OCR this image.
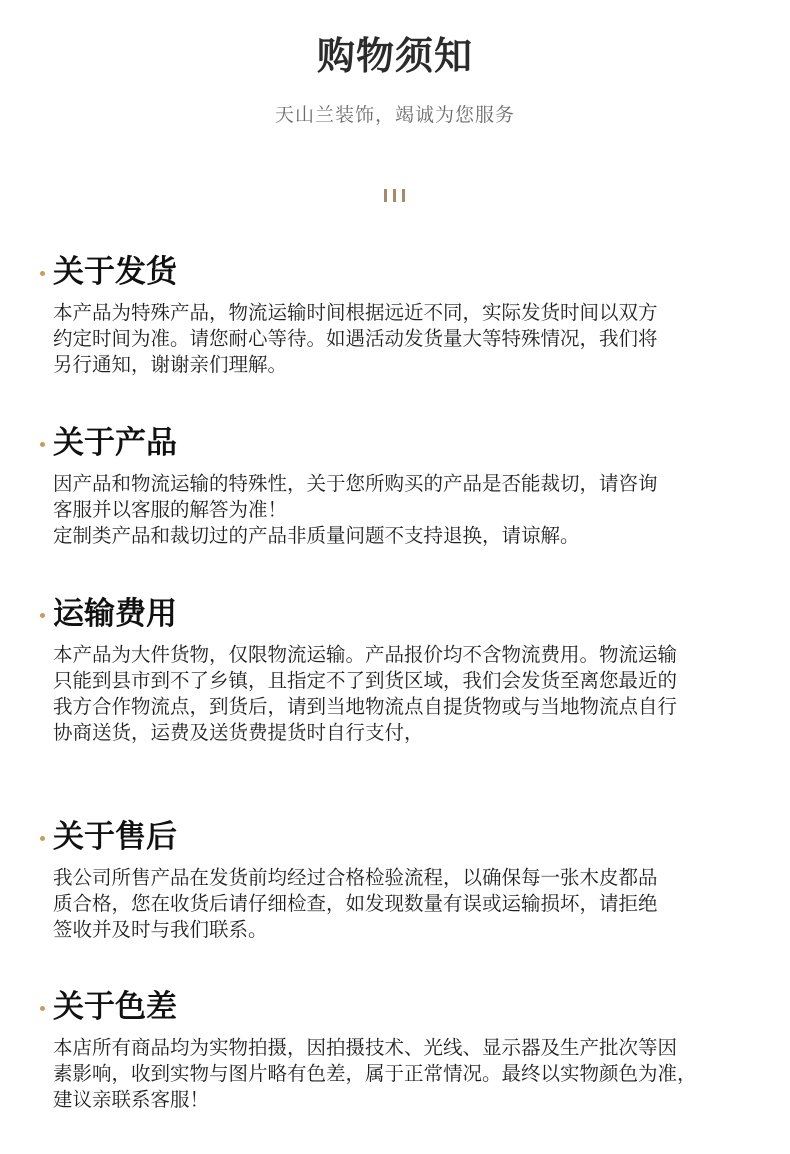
购物须知
天山兰装饰，竭诚为您服务
关于发货
本产品为特殊产品，物流运输时间根据远近不同，实际发货时间以双方
约定时间为准。请您耐心等待。如遇活动发货量大等特殊情况，我们将
另行通知，谢谢亲们理解。
关于产品
因产品和物流运输的特殊性，关于您所购买的产品是否能裁切，请咨询
客服并以客服的解答为准！
定制类产品和裁切过的产品非质量问题不支持退换，请谅解。
运输费用
本产品为大件货物，仅限物流运输。产品报价均不含物流费用。物流运输
只能到县市到不了乡镇，且指定不了到货区域，我们会发货至离您最近的
我方合作物流点，到货后，请到当地物流点自提货物或与当地物流点自行
协商送货，运费及送货费提货时自行支付，
关于售后
我公司所售产品在发货前均经过合格检验流程，以确保每一张木皮都品
质合格，您在收货后请仔细检查，如发现数量有误或运输损坏，请拒绝
签收并及时与我们联系。
关于色差
本店所有商品均为实物拍摄，因拍摄技术、光线、显示器及生产批次等因
素影响，收到实物与图片略有色差，属于正常情况。最终以实物颜色为准，
建议亲联系客服！
